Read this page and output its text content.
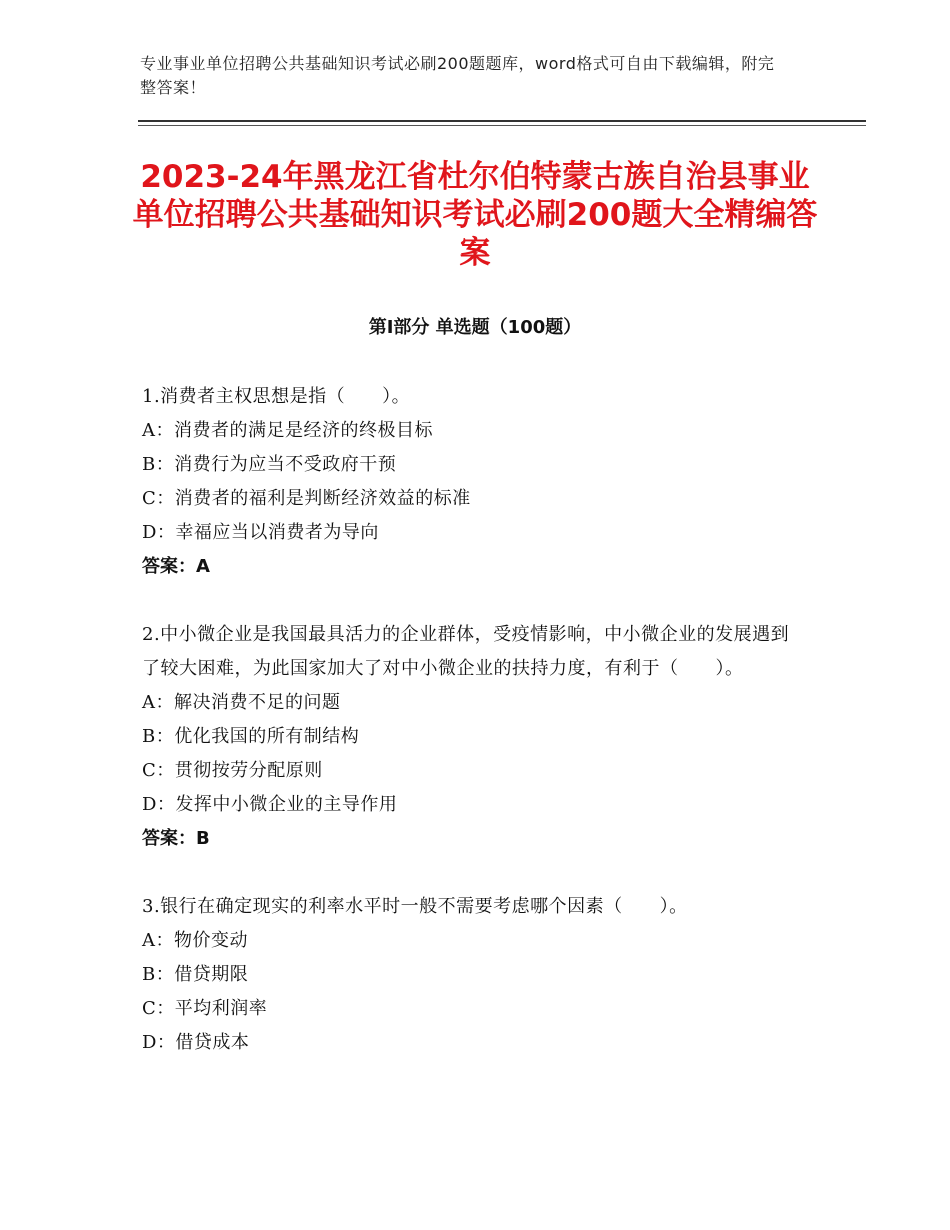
专业事业单位招聘公共基础知识考试必刷200题题库，word格式可自由下载编辑，附完整答案！
2023-24年黑龙江省杜尔伯特蒙古族自治县事业单位招聘公共基础知识考试必刷200题大全精编答案
第Ⅰ部分 单选题（100题）
1.消费者主权思想是指（　　）。
A：消费者的满足是经济的终极目标
B：消费行为应当不受政府干预
C：消费者的福利是判断经济效益的标准
D：幸福应当以消费者为导向
答案：A
2.中小微企业是我国最具活力的企业群体，受疫情影响，中小微企业的发展遇到了较大困难，为此国家加大了对中小微企业的扶持力度，有利于（　　）。
A：解决消费不足的问题
B：优化我国的所有制结构
C：贯彻按劳分配原则
D：发挥中小微企业的主导作用
答案：B
3.银行在确定现实的利率水平时一般不需要考虑哪个因素（　　）。
A：物价变动
B：借贷期限
C：平均利润率
D：借贷成本
